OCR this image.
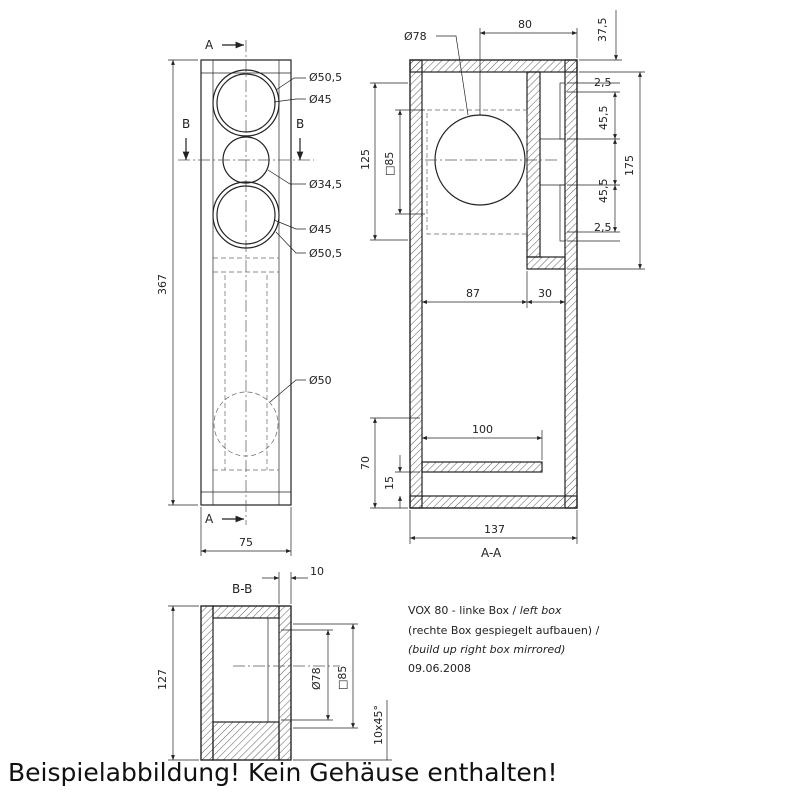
B	B
A
A
367
75
Ø50,5
Ø45
Ø34,5
Ø45
Ø50,5
Ø50
80
Ø78	37,5
2,5
45,5
45,5
2,5
175
125 □85
87	30
100
70
15
137
A-A
B-B
10
127	Ø78 □85
10x45°
VOX 80 - linke Box / left box
(rechte Box gespiegelt aufbauen) /
(build up right box mirrored)
09.06.2008
Beispielabbildung! Kein Gehäuse enthalten!
